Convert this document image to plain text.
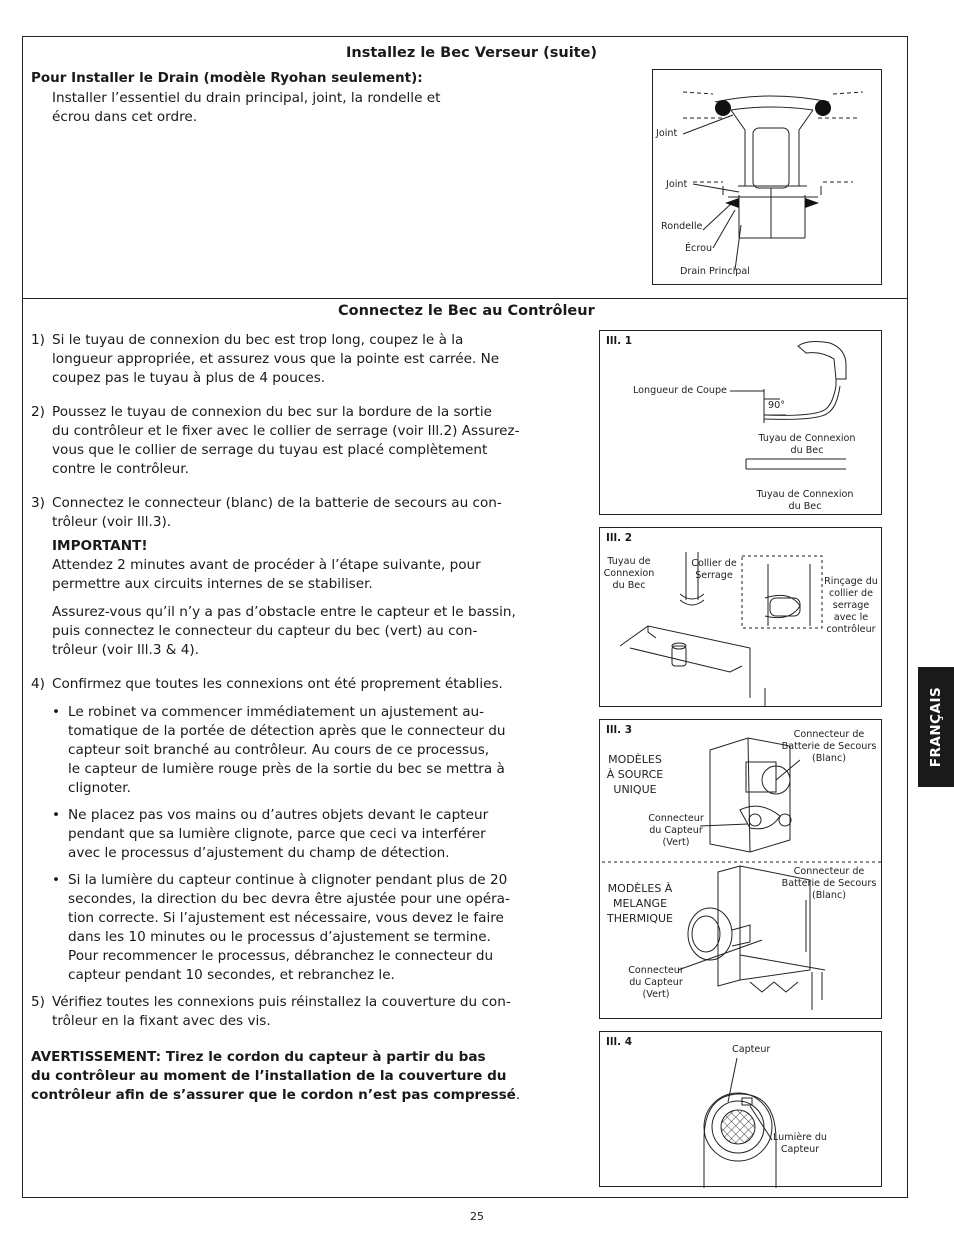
Installez le Bec Verseur (suite)
Pour Installer le Drain (modèle Ryohan seulement):
Installer l’essentiel du drain principal, joint, la rondelle et
écrou dans cet ordre.
Joint
Joint
Rondelle
Écrou
Drain Principal
Connectez le Bec au Contrôleur
1) Si le tuyau de connexion du bec est trop long, coupez le à la
longueur appropriée, et assurez vous que la pointe est carrée. Ne
coupez pas le tuyau à plus de 4 pouces.
2) Poussez le tuyau de connexion du bec sur la bordure de la sortie
du contrôleur et le fixer avec le collier de serrage (voir Ill.2) Assurez-
vous que le collier de serrage du tuyau est placé complètement
contre le contrôleur.
3) Connectez le connecteur (blanc) de la batterie de secours au con-
trôleur (voir Ill.3).
IMPORTANT!
Attendez 2 minutes avant de procéder à l’étape suivante, pour
permettre aux circuits internes de se stabiliser.
Assurez-vous qu’il n’y a pas d’obstacle entre le capteur et le bassin,
puis connectez le connecteur du capteur du bec (vert) au con-
trôleur (voir Ill.3 & 4).
4) Confirmez que toutes les connexions ont été proprement établies.
• Le robinet va commencer immédiatement un ajustement au-
tomatique de la portée de détection après que le connecteur du
capteur soit branché au contrôleur. Au cours de ce processus,
le capteur de lumière rouge près de la sortie du bec se mettra à
clignoter.
• Ne placez pas vos mains ou d’autres objets devant le capteur
pendant que sa lumière clignote, parce que ceci va interférer
avec le processus d’ajustement du champ de détection.
• Si la lumière du capteur continue à clignoter pendant plus de 20
secondes, la direction du bec devra être ajustée pour une opéra-
tion correcte. Si l’ajustement est nécessaire, vous devez le faire
dans les 10 minutes ou le processus d’ajustement se termine.
Pour recommencer le processus, débranchez le connecteur du
capteur pendant 10 secondes, et rebranchez le.
5) Vérifiez toutes les connexions puis réinstallez la couverture du con-
trôleur en la fixant avec des vis.
AVERTISSEMENT: Tirez le cordon du capteur à partir du bas
du contrôleur au moment de l’installation de la couverture du
contrôleur afin de s’assurer que le cordon n’est pas compressé.
Ill. 1
Longueur de Coupe
90°
Tuyau de Connexion
du Bec
Tuyau de Connexion
du Bec
Ill. 2
Tuyau de
Connexion
du Bec
Collier de
Serrage
Rinçage du
collier de
serrage
avec le
contrôleur
Ill. 3
MODÈLES
À SOURCE
UNIQUE
MODÈLES À
MELANGE
THERMIQUE
Connecteur de
Batterie de Secours
(Blanc)
Connecteur
du Capteur
(Vert)
Connecteur de
Batterie de Secours
(Blanc)
Connecteur
du Capteur
(Vert)
Ill. 4
Capteur
Lumière du
Capteur
FRANÇAIS
25
